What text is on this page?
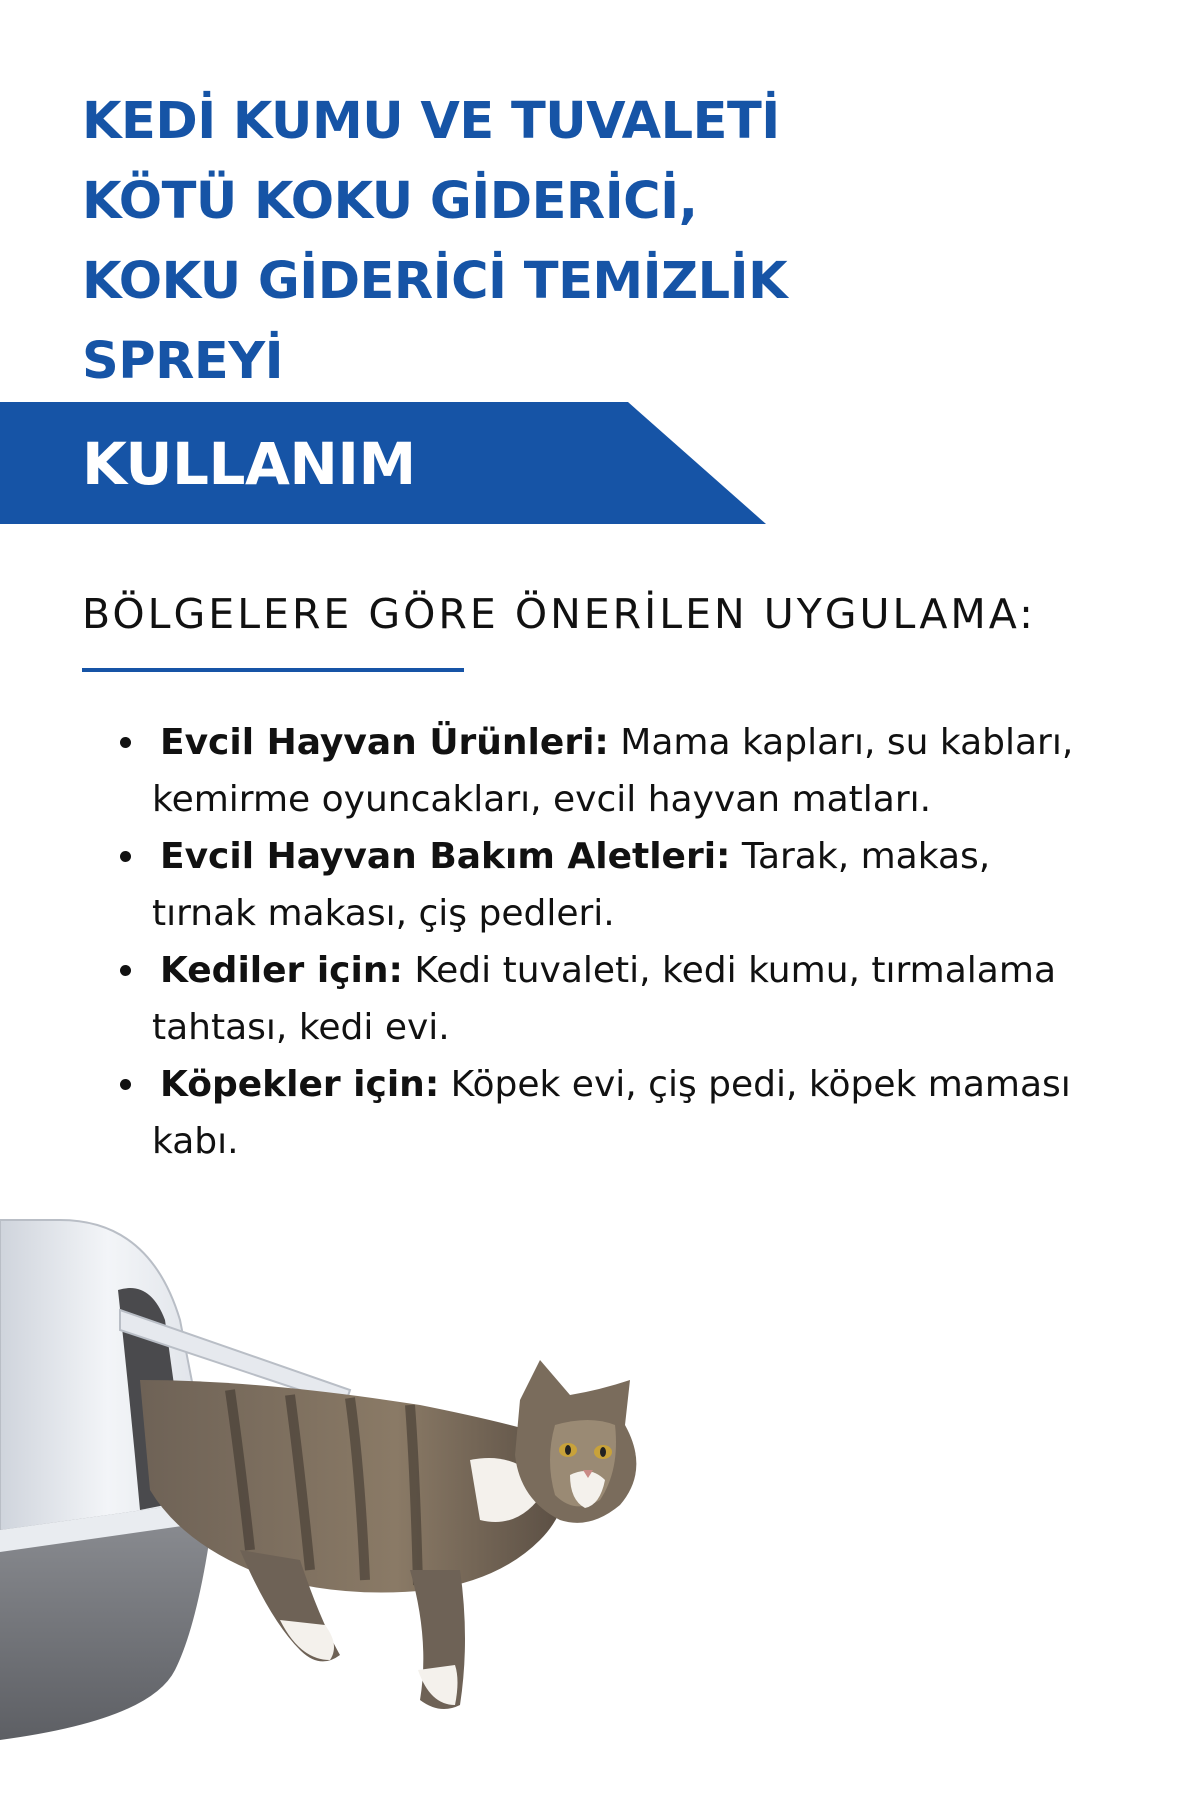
KEDİ KUMU VE TUVALETİ
KÖTÜ KOKU GİDERİCİ,
KOKU GİDERİCİ TEMİZLİK
SPREYİ
KULLANIM

BÖLGELERE GÖRE ÖNERİLEN UYGULAMA:

Evcil Hayvan Ürünleri: Mama kapları, su kabları, kemirme oyuncakları, evcil hayvan matları.
Evcil Hayvan Bakım Aletleri: Tarak, makas, tırnak makası, çiş pedleri.
Kediler için: Kedi tuvaleti, kedi kumu, tırmalama tahtası, kedi evi.
Köpekler için: Köpek evi, çiş pedi, köpek maması kabı.
